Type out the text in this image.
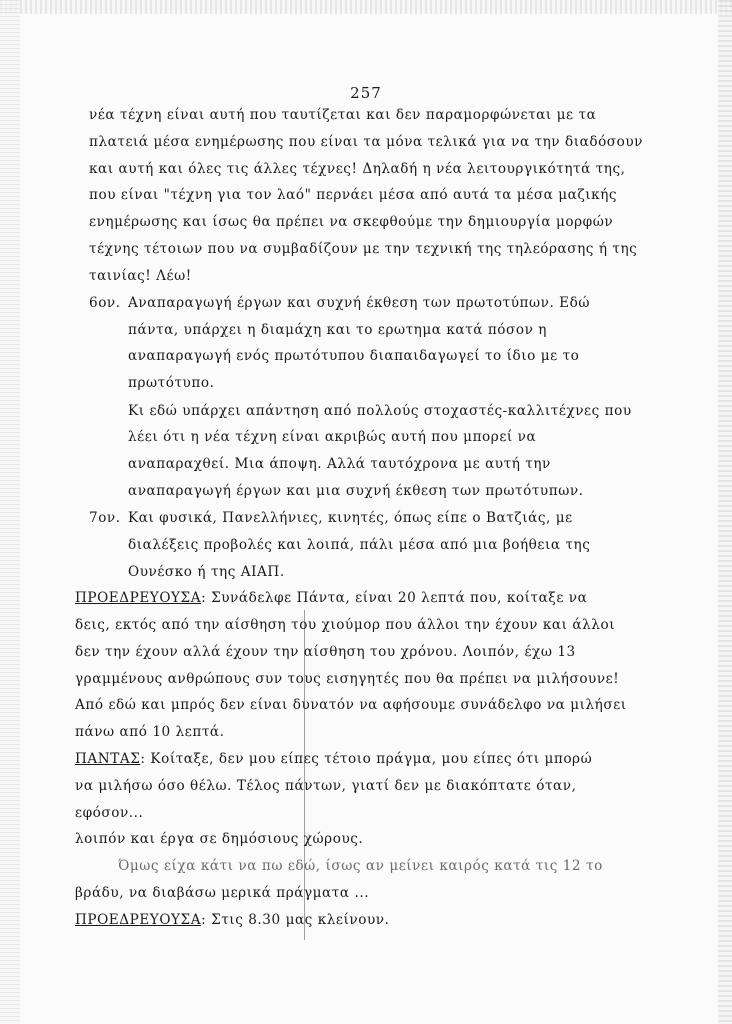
257
νέα τέχνη είναι αυτή που ταυτίζεται και δεν παραμορφώνεται με τα
πλατειά μέσα ενημέρωσης που είναι τα μόνα τελικά για να την διαδόσουν
και αυτή και όλες τις άλλες τέχνες! Δηλαδή η νέα λειτουργικότητά της,
που είναι "τέχνη για τον λαό" περνάει μέσα από αυτά τα μέσα μαζικής
ενημέρωσης και ίσως θα πρέπει να σκεφθούμε την δημιουργία μορφών
τέχνης τέτοιων που να συμβαδίζουν με την τεχνική της τηλεόρασης ή της
ταινίας! Λέω!
6ον. Αναπαραγωγή έργων και συχνή έκθεση των πρωτοτύπων. Εδώ
πάντα, υπάρχει η διαμάχη και το ερωτημα κατά πόσον η
αναπαραγωγή ενός πρωτότυπου διαπαιδαγωγεί το ίδιο με το
πρωτότυπο.
Κι εδώ υπάρχει απάντηση από πολλούς στοχαστές-καλλιτέχνες που
λέει ότι η νέα τέχνη είναι ακριβώς αυτή που μπορεί να
αναπαραχθεί. Μια άποψη. Αλλά ταυτόχρονα με αυτή την
αναπαραγωγή έργων και μια συχνή έκθεση των πρωτότυπων.
7ον. Και φυσικά, Πανελλήνιες, κινητές, όπως είπε ο Βατζιάς, με
διαλέξεις προβολές και λοιπά, πάλι μέσα από μια βοήθεια της
Ουνέσκο ή της ΑΙΑΠ.
ΠΡΟΕΔΡΕΥΟΥΣΑ: Συνάδελφε Πάντα, είναι 20 λεπτά που, κοίταξε να
δεις, εκτός από την αίσθηση του χιούμορ που άλλοι την έχουν και άλλοι
δεν την έχουν αλλά έχουν την αίσθηση του χρόνου. Λοιπόν, έχω 13
γραμμένους ανθρώπους συν τους εισηγητές που θα πρέπει να μιλήσουνε!
Από εδώ και μπρός δεν είναι δυνατόν να αφήσουμε συνάδελφο να μιλήσει
πάνω από 10 λεπτά.
ΠΑΝΤΑΣ: Κοίταξε, δεν μου είπες τέτοιο πράγμα, μου είπες ότι μπορώ
να μιλήσω όσο θέλω. Τέλος πάντων, γιατί δεν με διακόπτατε όταν,
εφόσον...
λοιπόν και έργα σε δημόσιους χώρους.
Όμως είχα κάτι να πω εδώ, ίσως αν μείνει καιρός κατά τις 12 το
βράδυ, να διαβάσω μερικά πράγματα ...
ΠΡΟΕΔΡΕΥΟΥΣΑ: Στις 8.30 μας κλείνουν.
